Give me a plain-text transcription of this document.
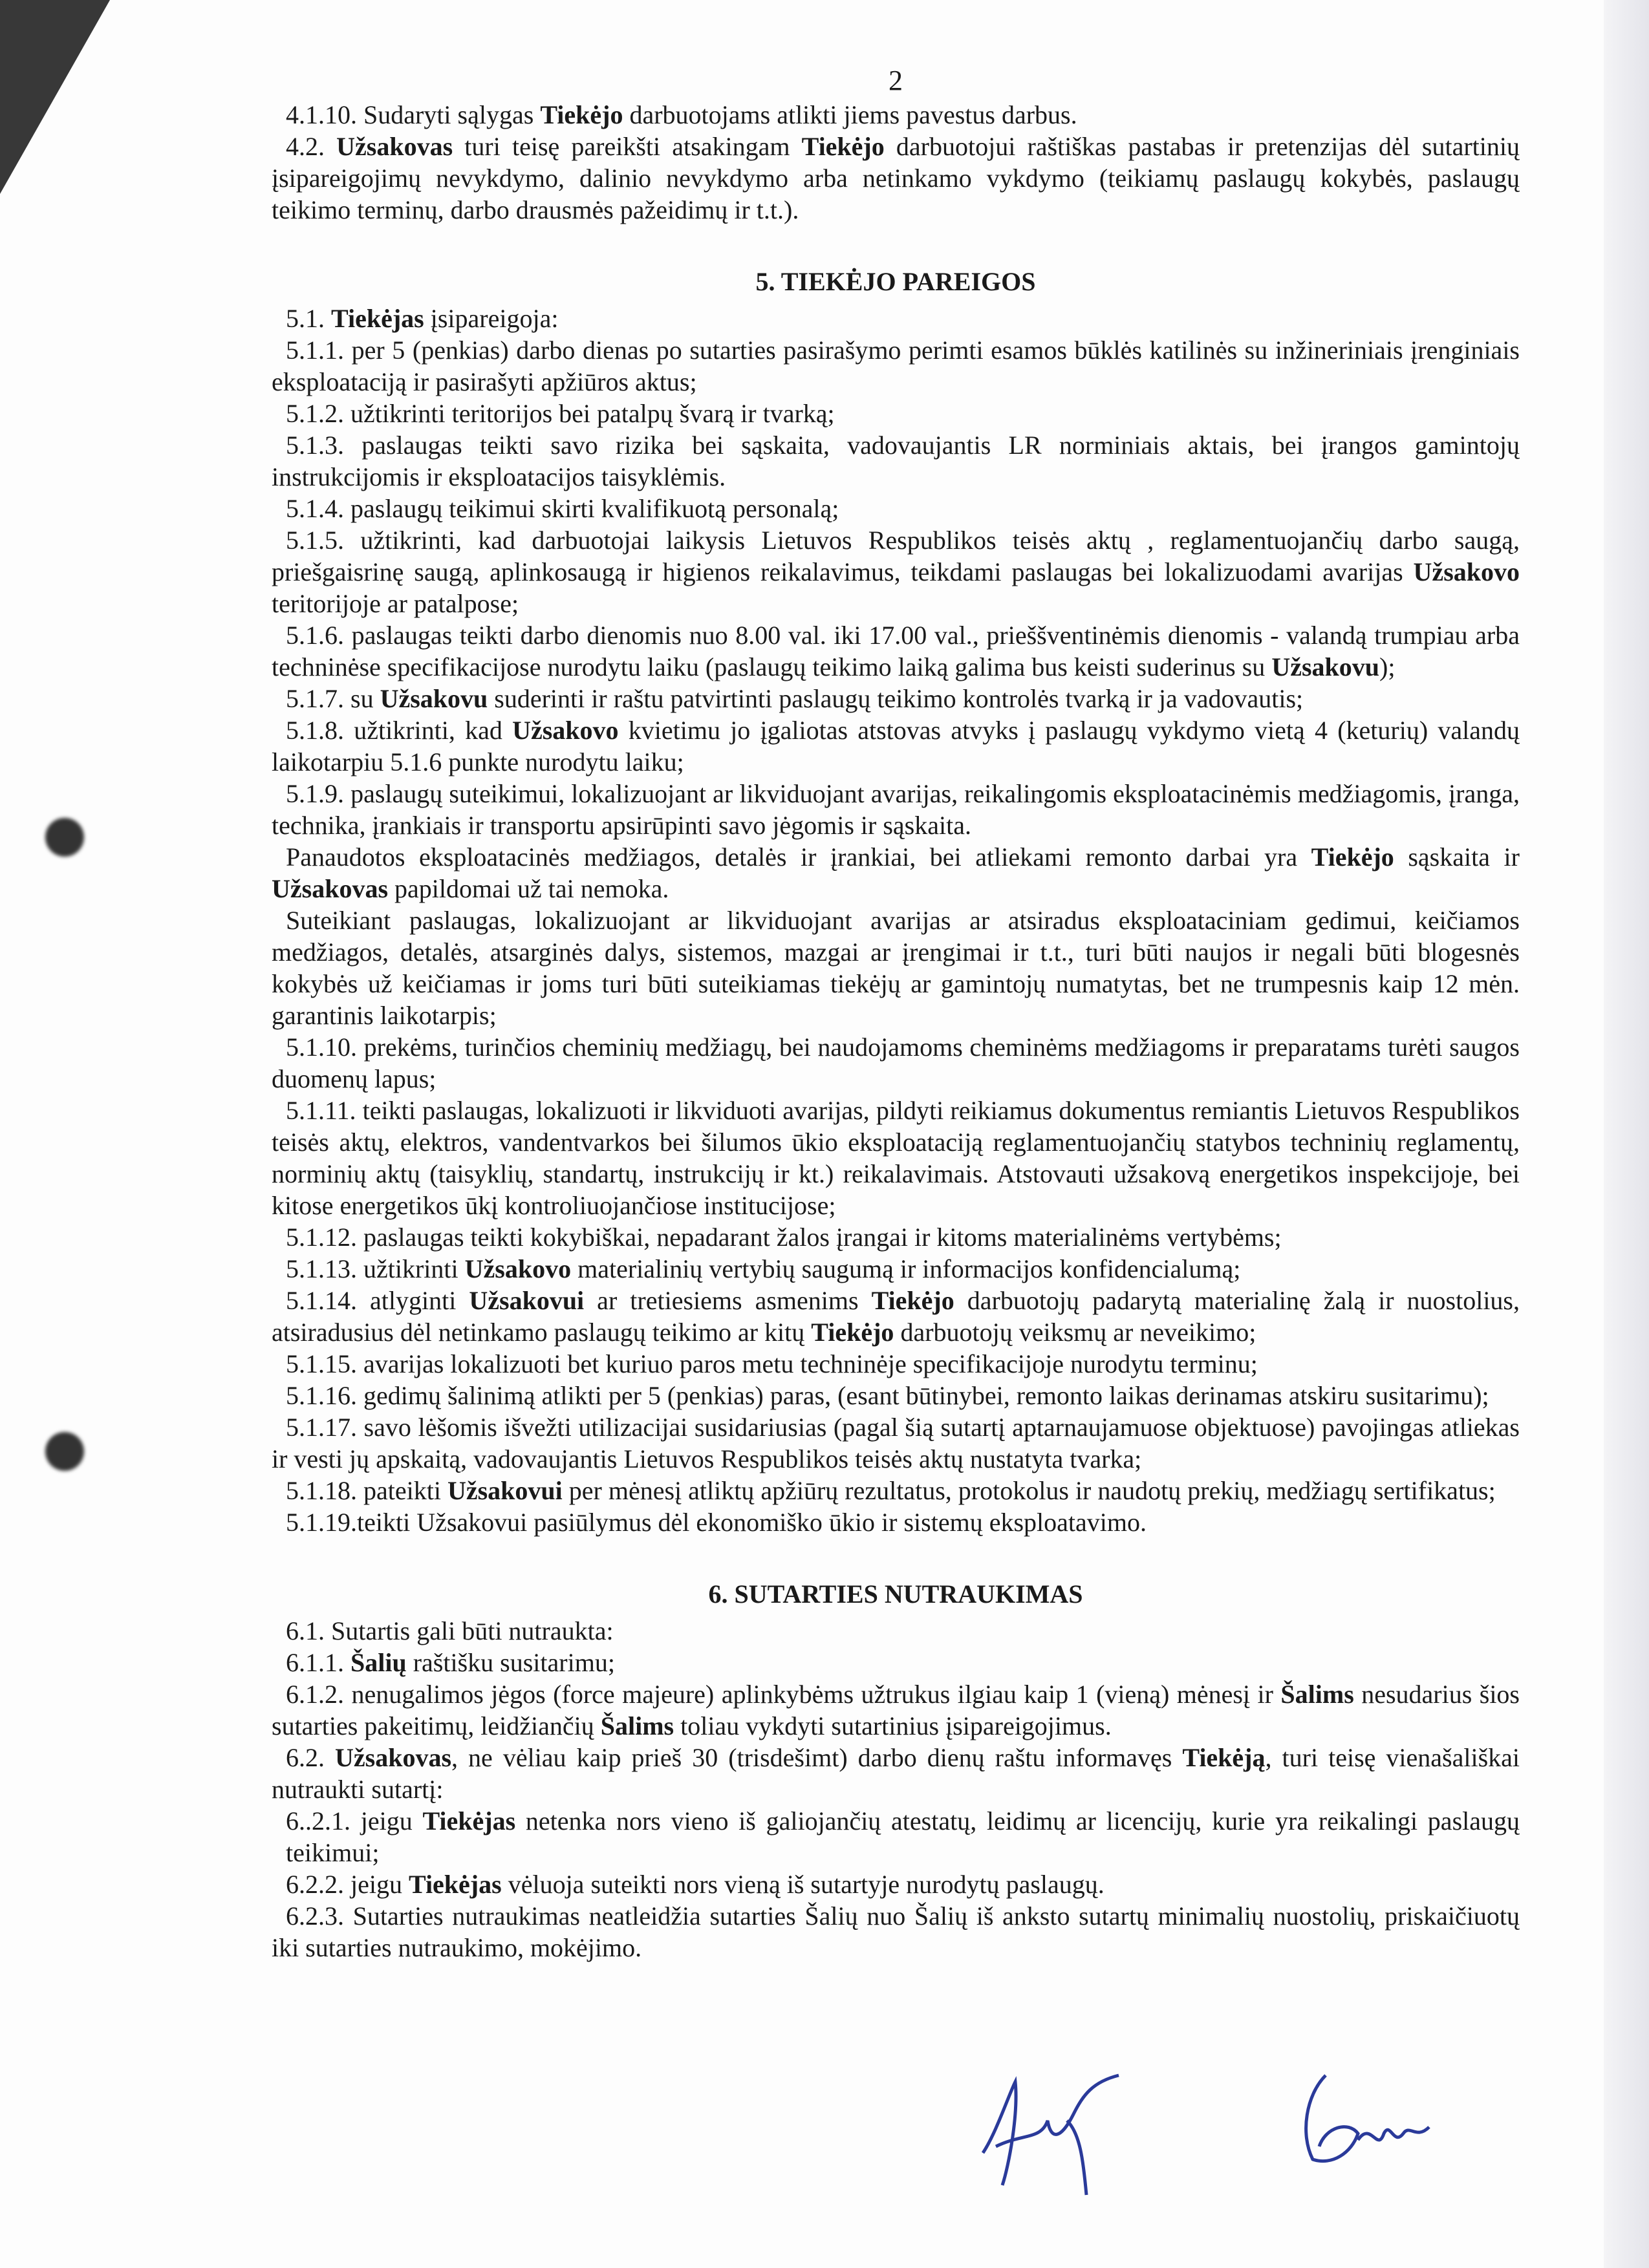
2

4.1.10. Sudaryti sąlygas Tiekėjo darbuotojams atlikti jiems pavestus darbus.

4.2. Užsakovas turi teisę pareikšti atsakingam Tiekėjo darbuotojui raštiškas pastabas ir pretenzijas dėl sutartinių įsipareigojimų nevykdymo, dalinio nevykdymo arba netinkamo vykdymo (teikiamų paslaugų kokybės, paslaugų teikimo terminų, darbo drausmės pažeidimų ir t.t.).

5. TIEKĖJO PAREIGOS

5.1. Tiekėjas įsipareigoja:

5.1.1. per 5 (penkias) darbo dienas po sutarties pasirašymo perimti esamos būklės katilinės su inžineriniais įrenginiais eksploataciją ir pasirašyti apžiūros aktus;

5.1.2. užtikrinti teritorijos bei patalpų švarą ir tvarką;

5.1.3. paslaugas teikti savo rizika bei sąskaita, vadovaujantis LR norminiais aktais, bei įrangos gamintojų instrukcijomis ir eksploatacijos taisyklėmis.

5.1.4. paslaugų teikimui skirti kvalifikuotą personalą;

5.1.5. užtikrinti, kad darbuotojai laikysis Lietuvos Respublikos teisės aktų , reglamentuojančių darbo saugą, priešgaisrinę saugą, aplinkosaugą ir higienos reikalavimus, teikdami paslaugas bei lokalizuodami avarijas Užsakovo teritorijoje ar patalpose;

5.1.6. paslaugas teikti darbo dienomis nuo 8.00 val. iki 17.00 val., prieššventinėmis dienomis - valandą trumpiau arba techninėse specifikacijose nurodytu laiku (paslaugų teikimo laiką galima bus keisti suderinus su Užsakovu);

5.1.7. su Užsakovu suderinti ir raštu patvirtinti paslaugų teikimo kontrolės tvarką ir ja vadovautis;

5.1.8. užtikrinti, kad Užsakovo kvietimu jo įgaliotas atstovas atvyks į paslaugų vykdymo vietą 4 (keturių) valandų laikotarpiu 5.1.6 punkte nurodytu laiku;

5.1.9. paslaugų suteikimui, lokalizuojant ar likviduojant avarijas, reikalingomis eksploatacinėmis medžiagomis, įranga, technika, įrankiais ir transportu apsirūpinti savo jėgomis ir sąskaita.

Panaudotos eksploatacinės medžiagos, detalės ir įrankiai, bei atliekami remonto darbai yra Tiekėjo sąskaita ir Užsakovas papildomai už tai nemoka.

Suteikiant paslaugas, lokalizuojant ar likviduojant avarijas ar atsiradus eksploataciniam gedimui, keičiamos medžiagos, detalės, atsarginės dalys, sistemos, mazgai ar įrengimai ir t.t., turi būti naujos ir negali būti blogesnės kokybės už keičiamas ir joms turi būti suteikiamas tiekėjų ar gamintojų numatytas, bet ne trumpesnis kaip 12 mėn. garantinis laikotarpis;

5.1.10. prekėms, turinčios cheminių medžiagų, bei naudojamoms cheminėms medžiagoms ir preparatams turėti saugos duomenų lapus;

5.1.11. teikti paslaugas, lokalizuoti ir likviduoti avarijas, pildyti reikiamus dokumentus remiantis Lietuvos Respublikos teisės aktų, elektros, vandentvarkos bei šilumos ūkio eksploataciją reglamentuojančių statybos techninių reglamentų, norminių aktų (taisyklių, standartų, instrukcijų ir kt.) reikalavimais. Atstovauti užsakovą energetikos inspekcijoje, bei kitose energetikos ūkį kontroliuojančiose institucijose;

5.1.12. paslaugas teikti kokybiškai, nepadarant žalos įrangai ir kitoms materialinėms vertybėms;

5.1.13. užtikrinti Užsakovo materialinių vertybių saugumą ir informacijos konfidencialumą;

5.1.14. atlyginti Užsakovui ar tretiesiems asmenims Tiekėjo darbuotojų padarytą materialinę žalą ir nuostolius, atsiradusius dėl netinkamo paslaugų teikimo ar kitų Tiekėjo darbuotojų veiksmų ar neveikimo;

5.1.15. avarijas lokalizuoti bet kuriuo paros metu techninėje specifikacijoje nurodytu terminu;

5.1.16. gedimų šalinimą atlikti per 5 (penkias) paras, (esant būtinybei, remonto laikas derinamas atskiru susitarimu);

5.1.17. savo lėšomis išvežti utilizacijai susidariusias (pagal šią sutartį aptarnaujamuose objektuose) pavojingas atliekas ir vesti jų apskaitą, vadovaujantis Lietuvos Respublikos teisės aktų nustatyta tvarka;

5.1.18. pateikti Užsakovui per mėnesį atliktų apžiūrų rezultatus, protokolus ir naudotų prekių, medžiagų sertifikatus;

5.1.19.teikti Užsakovui pasiūlymus dėl ekonomiško ūkio ir sistemų eksploatavimo.

6. SUTARTIES NUTRAUKIMAS

6.1. Sutartis gali būti nutraukta:

6.1.1. Šalių raštišku susitarimu;

6.1.2. nenugalimos jėgos (force majeure) aplinkybėms užtrukus ilgiau kaip 1 (vieną) mėnesį ir Šalims nesudarius šios sutarties pakeitimų, leidžiančių Šalims toliau vykdyti sutartinius įsipareigojimus.

6.2. Užsakovas, ne vėliau kaip prieš 30 (trisdešimt) darbo dienų raštu informavęs Tiekėją, turi teisę vienašališkai nutraukti sutartį:

6..2.1. jeigu Tiekėjas netenka nors vieno iš galiojančių atestatų, leidimų ar licencijų, kurie yra reikalingi paslaugų teikimui;

6.2.2. jeigu Tiekėjas vėluoja suteikti nors vieną iš sutartyje nurodytų paslaugų.

6.2.3. Sutarties nutraukimas neatleidžia sutarties Šalių nuo Šalių iš anksto sutartų minimalių nuostolių, priskaičiuotų iki sutarties nutraukimo, mokėjimo.
